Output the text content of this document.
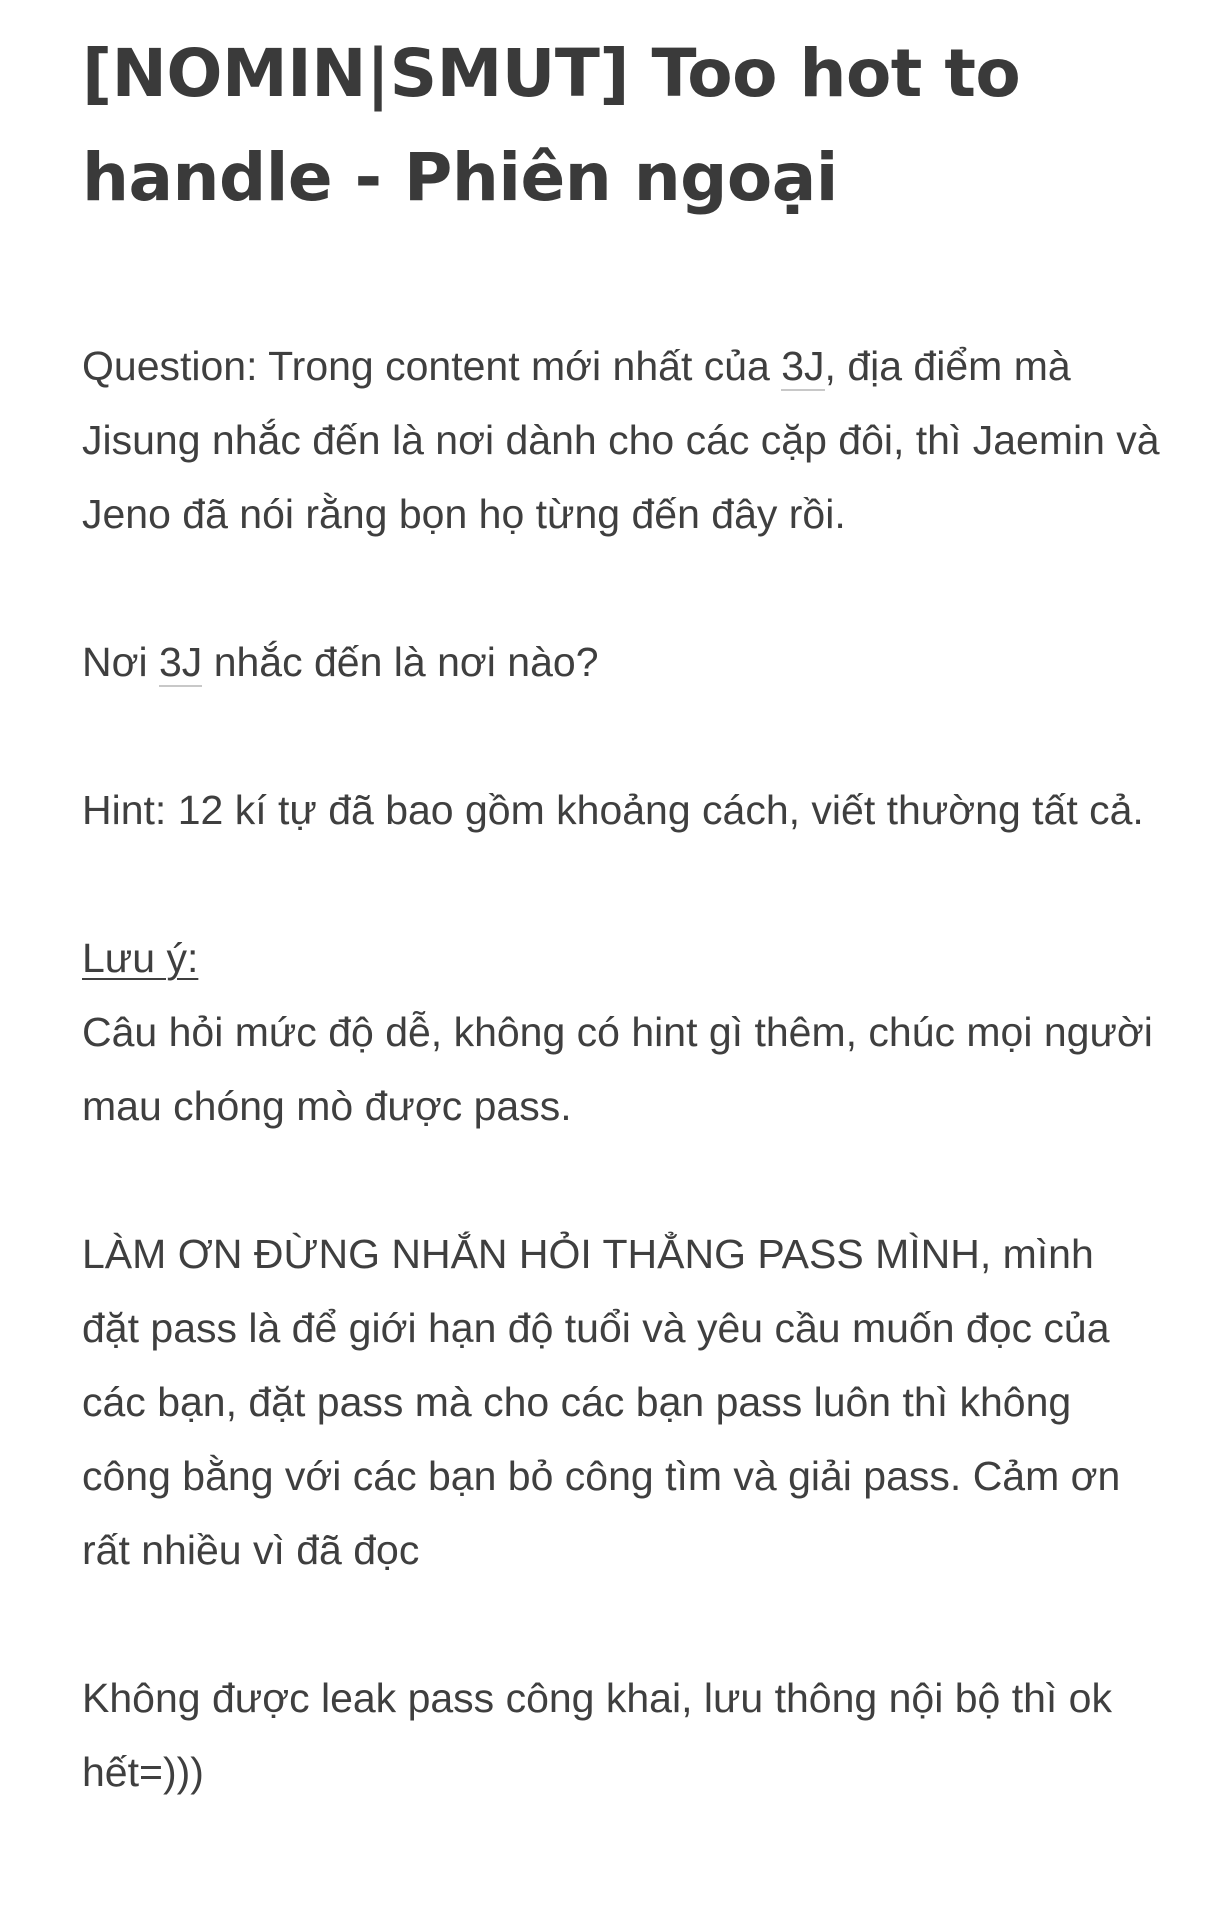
[NOMIN|SMUT] Too hot to handle - Phiên ngoại

Question: Trong content mới nhất của 3J, địa điểm mà Jisung nhắc đến là nơi dành cho các cặp đôi, thì Jaemin và Jeno đã nói rằng bọn họ từng đến đây rồi.

Nơi 3J nhắc đến là nơi nào?

Hint: 12 kí tự đã bao gồm khoảng cách, viết thường tất cả.

Lưu ý:

Câu hỏi mức độ dễ, không có hint gì thêm, chúc mọi người mau chóng mò được pass.

LÀM ƠN ĐỪNG NHẮN HỎI THẲNG PASS MÌNH, mình đặt pass là để giới hạn độ tuổi và yêu cầu muốn đọc của các bạn, đặt pass mà cho các bạn pass luôn thì không công bằng với các bạn bỏ công tìm và giải pass. Cảm ơn rất nhiều vì đã đọc

Không được leak pass công khai, lưu thông nội bộ thì ok hết=)))
